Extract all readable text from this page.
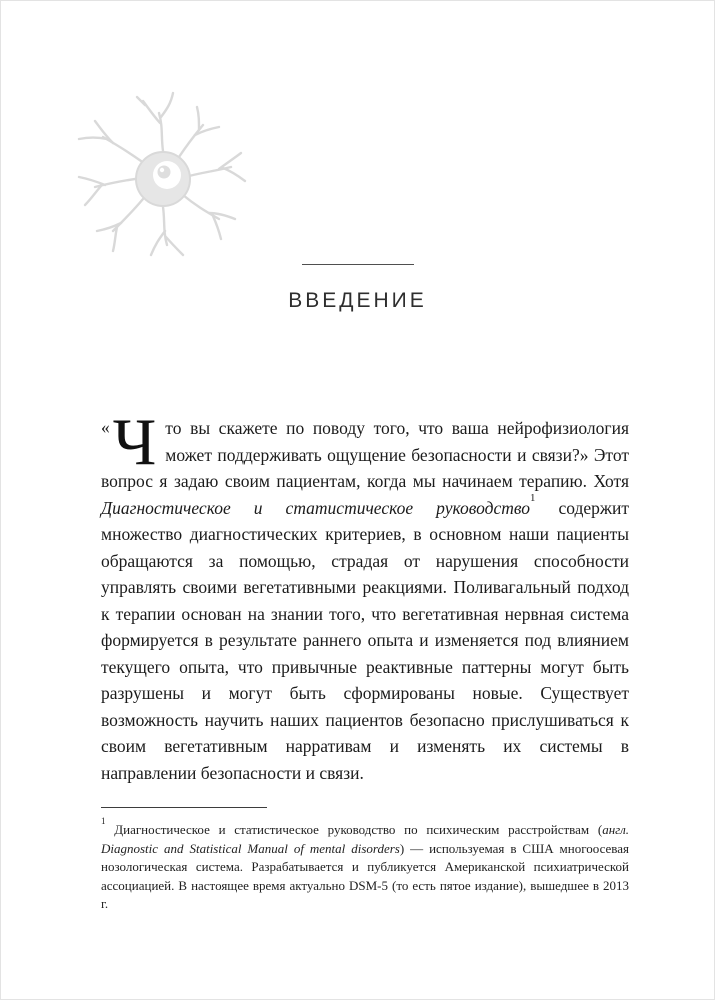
ВВЕДЕНИЕ

« Ч то вы скажете по поводу того, что ваша нейрофизиология может поддерживать ощущение безопасности и связи?» Этот вопрос я задаю своим пациентам, когда мы начинаем терапию. Хотя Диагностическое и статистическое руководство$^1$ содержит множество диагностических критериев, в основном наши пациенты обращаются за помощью, страдая от нарушения способности управлять своими вегетативными реакциями. Поливагальный подход к терапии основан на знании того, что вегетативная нервная система формируется в результате раннего опыта и изменяется под влиянием текущего опыта, что привычные реактивные паттерны могут быть разрушены и могут быть сформированы новые. Существует возможность научить наших пациентов безопасно прислушиваться к своим вегетативным нарративам и изменять их системы в направлении безопасности и связи.

$^1$ Диагностическое и статистическое руководство по психическим расстройствам (англ. Diagnostic and Statistical Manual of mental disorders) — используемая в США многоосевая нозологическая система. Разрабатывается и публикуется Американской психиатрической ассоциацией. В настоящее время актуально DSM-5 (то есть пятое издание), вышедшее в 2013 г.
